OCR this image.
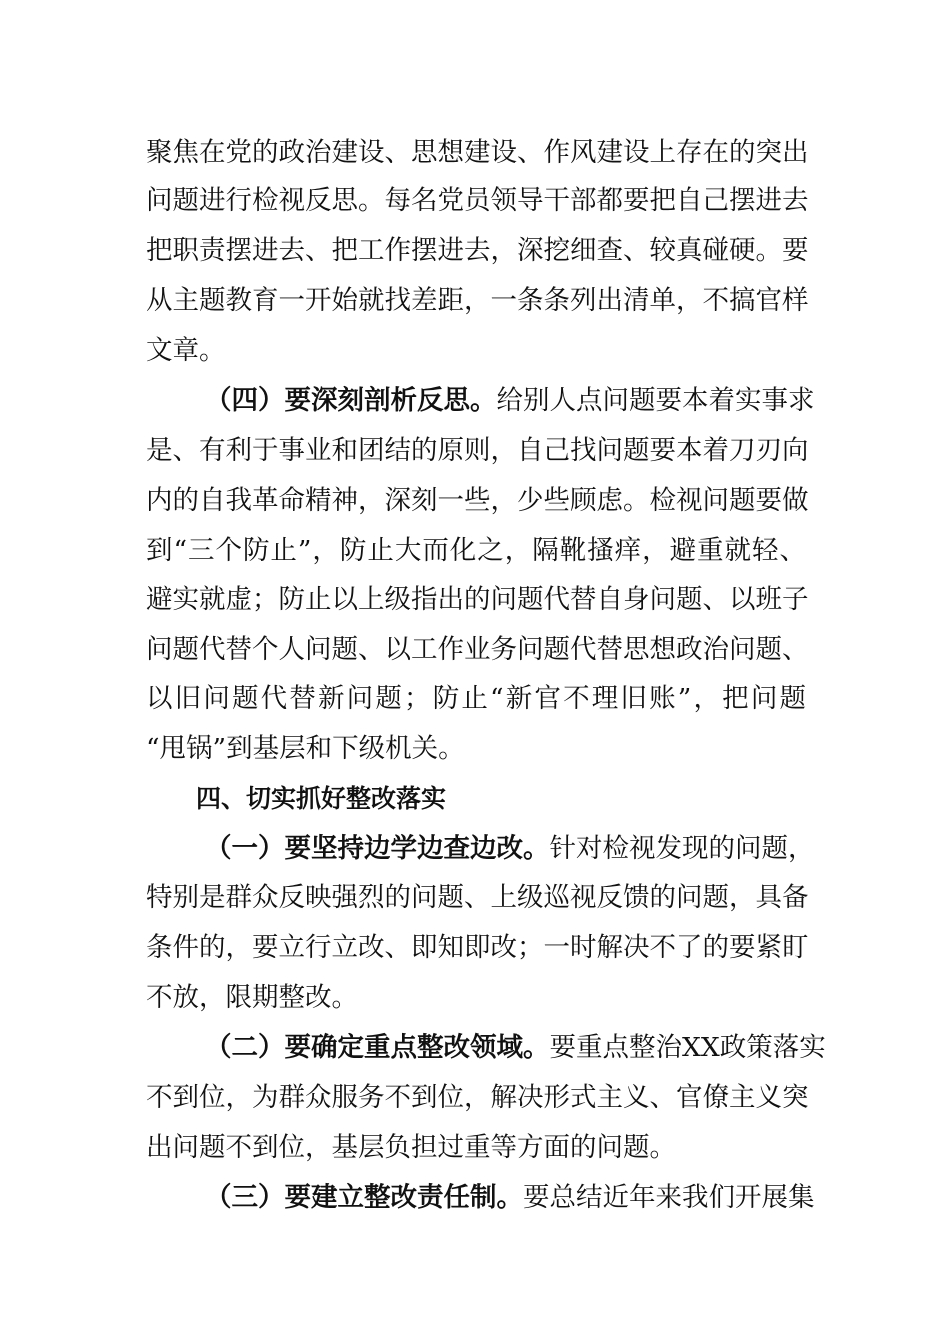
聚焦在党的政治建设、思想建设、作风建设上存在的突出
问题进行检视反思。每名党员领导干部都要把自己摆进去
把职责摆进去、把工作摆进去，深挖细查、较真碰硬。要
从主题教育一开始就找差距，一条条列出清单，不搞官样
文章。
（四）要深刻剖析反思。 给别人点问题要本着实事求
是、有利于事业和团结的原则，自己找问题要本着刀刃向
内的自我革命精神，深刻一些，少些顾虑。检视问题要做
到“三个防止”，防止大而化之，隔靴搔痒，避重就轻、
避实就虚；防止以上级指出的问题代替自身问题、以班子
问题代替个人问题、以工作业务问题代替思想政治问题、
以旧问题代替新问题；防止“新官不理旧账”，把问题
“甩锅”到基层和下级机关。
四、切实抓好整改落实
（一）要坚持边学边查边改。 针对检视发现的问题，
特别是群众反映强烈的问题、上级巡视反馈的问题，具备
条件的，要立行立改、即知即改；一时解决不了的要紧盯
不放，限期整改。
（二）要确定重点整改领域。 要重点整治XX政策落实
不到位，为群众服务不到位，解决形式主义、官僚主义突
出问题不到位，基层负担过重等方面的问题。
（三）要建立整改责任制。 要总结近年来我们开展集
